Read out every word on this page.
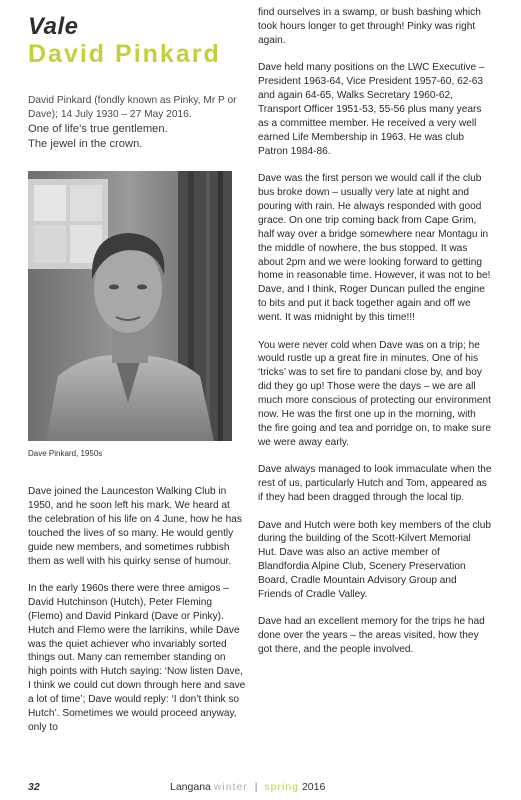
Vale
David Pinkard

David Pinkard (fondly known as Pinky, Mr P or Dave); 14 July 1930 – 27 May 2016.

One of life’s true gentlemen.

The jewel in the crown.

Dave Pinkard, 1950s

Dave joined the Launceston Walking Club in 1950, and he soon left his mark. We heard at the celebration of his life on 4 June, how he has touched the lives of so many. He would gently guide new members, and sometimes rubbish them as well with his quirky sense of humour.

In the early 1960s there were three amigos – David Hutchinson (Hutch), Peter Fleming (Flemo) and David Pinkard (Dave or Pinky). Hutch and Flemo were the larrikins, while Dave was the quiet achiever who invariably sorted things out. Many can remember standing on high points with Hutch saying: ‘Now listen Dave, I think we could cut down through here and save a lot of time’; Dave would reply: ‘I don’t think so Hutch’. Sometimes we would proceed anyway, only to

find ourselves in a swamp, or bush bashing which took hours longer to get through! Pinky was right again.

Dave held many positions on the LWC Executive – President 1963-64, Vice President 1957-60, 62-63 and again 64-65, Walks Secretary 1960-62, Transport Officer 1951-53, 55-56 plus many years as a committee member. He received a very well earned Life Membership in 1963. He was club Patron 1984-86.

Dave was the first person we would call if the club bus broke down – usually very late at night and pouring with rain. He always responded with good grace. On one trip coming back from Cape Grim, half way over a bridge somewhere near Montagu in the middle of nowhere, the bus stopped. It was about 2pm and we were looking forward to getting home in reasonable time. However, it was not to be! Dave, and I think, Roger Duncan pulled the engine to bits and put it back together again and off we went. It was midnight by this time!!!

You were never cold when Dave was on a trip; he would rustle up a great fire in minutes. One of his ‘tricks’ was to set fire to pandani close by, and boy did they go up! Those were the days – we are all much more conscious of protecting our environment now. He was the first one up in the morning, with the fire going and tea and porridge on, to make sure we were away early.

Dave always managed to look immaculate when the rest of us, particularly Hutch and Tom, appeared as if they had been dragged through the local tip.

Dave and Hutch were both key members of the club during the building of the Scott-Kilvert Memorial Hut. Dave was also an active member of Blandfordia Alpine Club, Scenery Preservation Board, Cradle Mountain Advisory Group and Friends of Cradle Valley.

Dave had an excellent memory for the trips he had done over the years – the areas visited, how they got there, and the people involved.

32	Langana winter | spring 2016
